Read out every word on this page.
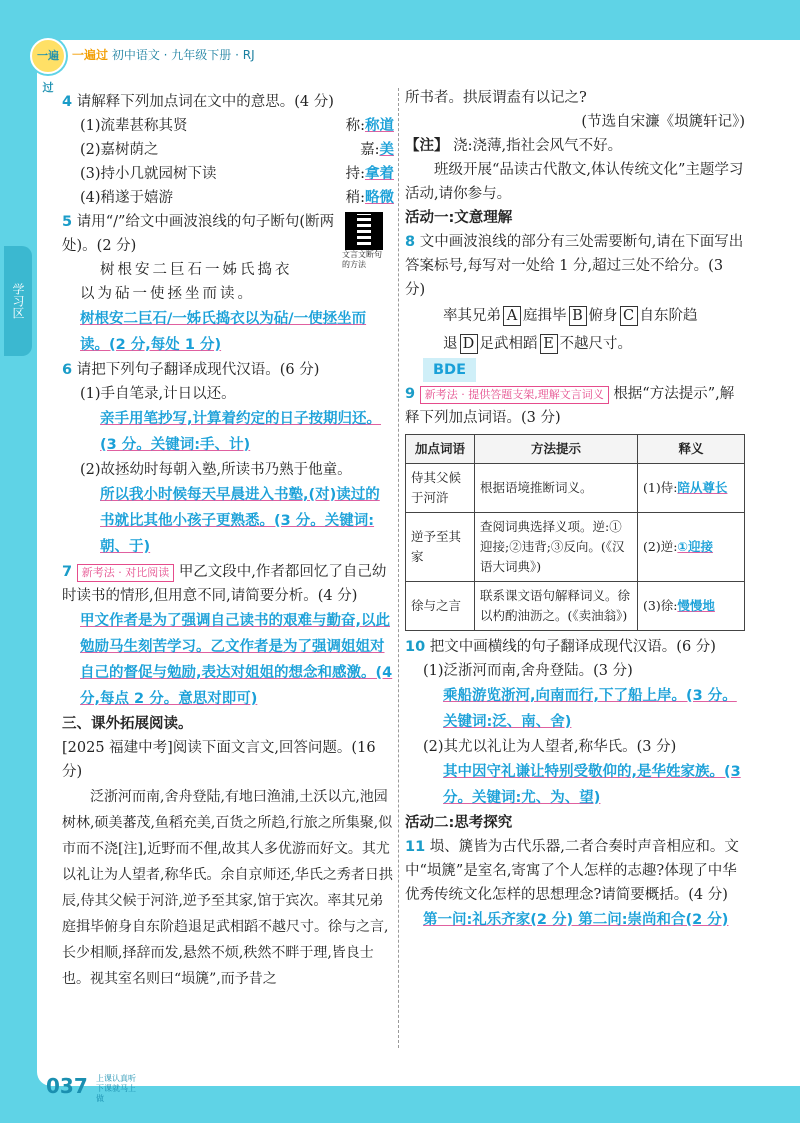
一遍过
一遍过 初中语文 · 九年级下册 · RJ
学习区
4 请解释下列加点词在文中的意思。(4 分)
(1)流辈甚称其贤	称:称道
(2)嘉树荫之	嘉:美
(3)持小几就园树下读	持:拿着
(4)稍遂于嬉游	稍:略微
5 请用“/”给文中画波浪线的句子断句(断两处)。(2 分)
树根安二巨石一姊氏捣衣
以为砧一使拯坐而读。
树根安二巨石/一姊氏捣衣以为砧/一使拯坐而读。(2 分,每处 1 分)
6 请把下列句子翻译成现代汉语。(6 分)
(1)手自笔录,计日以还。
亲手用笔抄写,计算着约定的日子按期归还。(3 分。关键词:手、计)
(2)故拯幼时每朝入塾,所读书乃熟于他童。
所以我小时候每天早晨进入书塾,(对)读过的书就比其他小孩子更熟悉。(3 分。关键词:朝、于)
7 新考法 · 对比阅读 甲乙文段中,作者都回忆了自己幼时读书的情形,但用意不同,请简要分析。(4 分)
甲文作者是为了强调自己读书的艰难与勤奋,以此勉励马生刻苦学习。乙文作者是为了强调姐姐对自己的督促与勉励,表达对姐姐的想念和感激。(4 分,每点 2 分。意思对即可)
三、课外拓展阅读。
[2025 福建中考]阅读下面文言文,回答问题。(16 分)
泛浙河而南,舍舟登陆,有地曰渔浦,土沃以亢,池园树林,硕美蕃茂,鱼稻充美,百货之所趋,行旅之所集聚,似市而不浇[注],近野而不俚,故其人多优游而好文。其尤以礼让为人望者,称华氏。余自京师还,华氏之秀者日拱辰,侍其父候于河浒,逆予至其家,馆于宾次。率其兄弟庭揖毕俯身自东阶趋退足武相蹈不越尺寸。徐与之言,长少相顺,择辞而发,悬然不烦,秩然不畔于理,皆良士也。视其室名则曰“埙篪”,而予昔之
文言文断句的方法
所书者。拱辰谓盍有以记之?
(节选自宋濂《埙篪轩记》)
【注】 浇:浇薄,指社会风气不好。
班级开展“品读古代散文,体认传统文化”主题学习活动,请你参与。
活动一:文意理解
8 文中画波浪线的部分有三处需要断句,请在下面写出答案标号,每写对一处给 1 分,超过三处不给分。(3 分)
率其兄弟 A 庭揖毕 B 俯身 C 自东阶趋
退 D 足武相蹈 E 不越尺寸。
BDE
9 新考法 · 提供答题支架,理解文言词义 根据“方法提示”,解释下列加点词语。(3 分)
加点词语	方法提示	释义
侍其父候于河浒	根据语境推断词义。	(1)侍:陪从尊长
逆予至其家	查阅词典选择义项。逆:①迎接;②违背;③反向。(《汉语大词典》)	(2)逆:①迎接
徐与之言	联系课文语句解释词义。徐以杓酌油沥之。(《卖油翁》)	(3)徐:慢慢地
10 把文中画横线的句子翻译成现代汉语。(6 分)
(1)泛浙河而南,舍舟登陆。(3 分)
乘船游览浙河,向南而行,下了船上岸。(3 分。关键词:泛、南、舍)
(2)其尤以礼让为人望者,称华氏。(3 分)
其中因守礼谦让特别受敬仰的,是华姓家族。(3 分。关键词:尤、为、望)
活动二:思考探究
11 埙、篪皆为古代乐器,二者合奏时声音相应和。文中“埙篪”是室名,寄寓了个人怎样的志趣?体现了中华优秀传统文化怎样的思想理念?请简要概括。(4 分)
第一问:礼乐齐家(2 分) 第二问:崇尚和合(2 分)
037 上课认真听 下课就马上做
